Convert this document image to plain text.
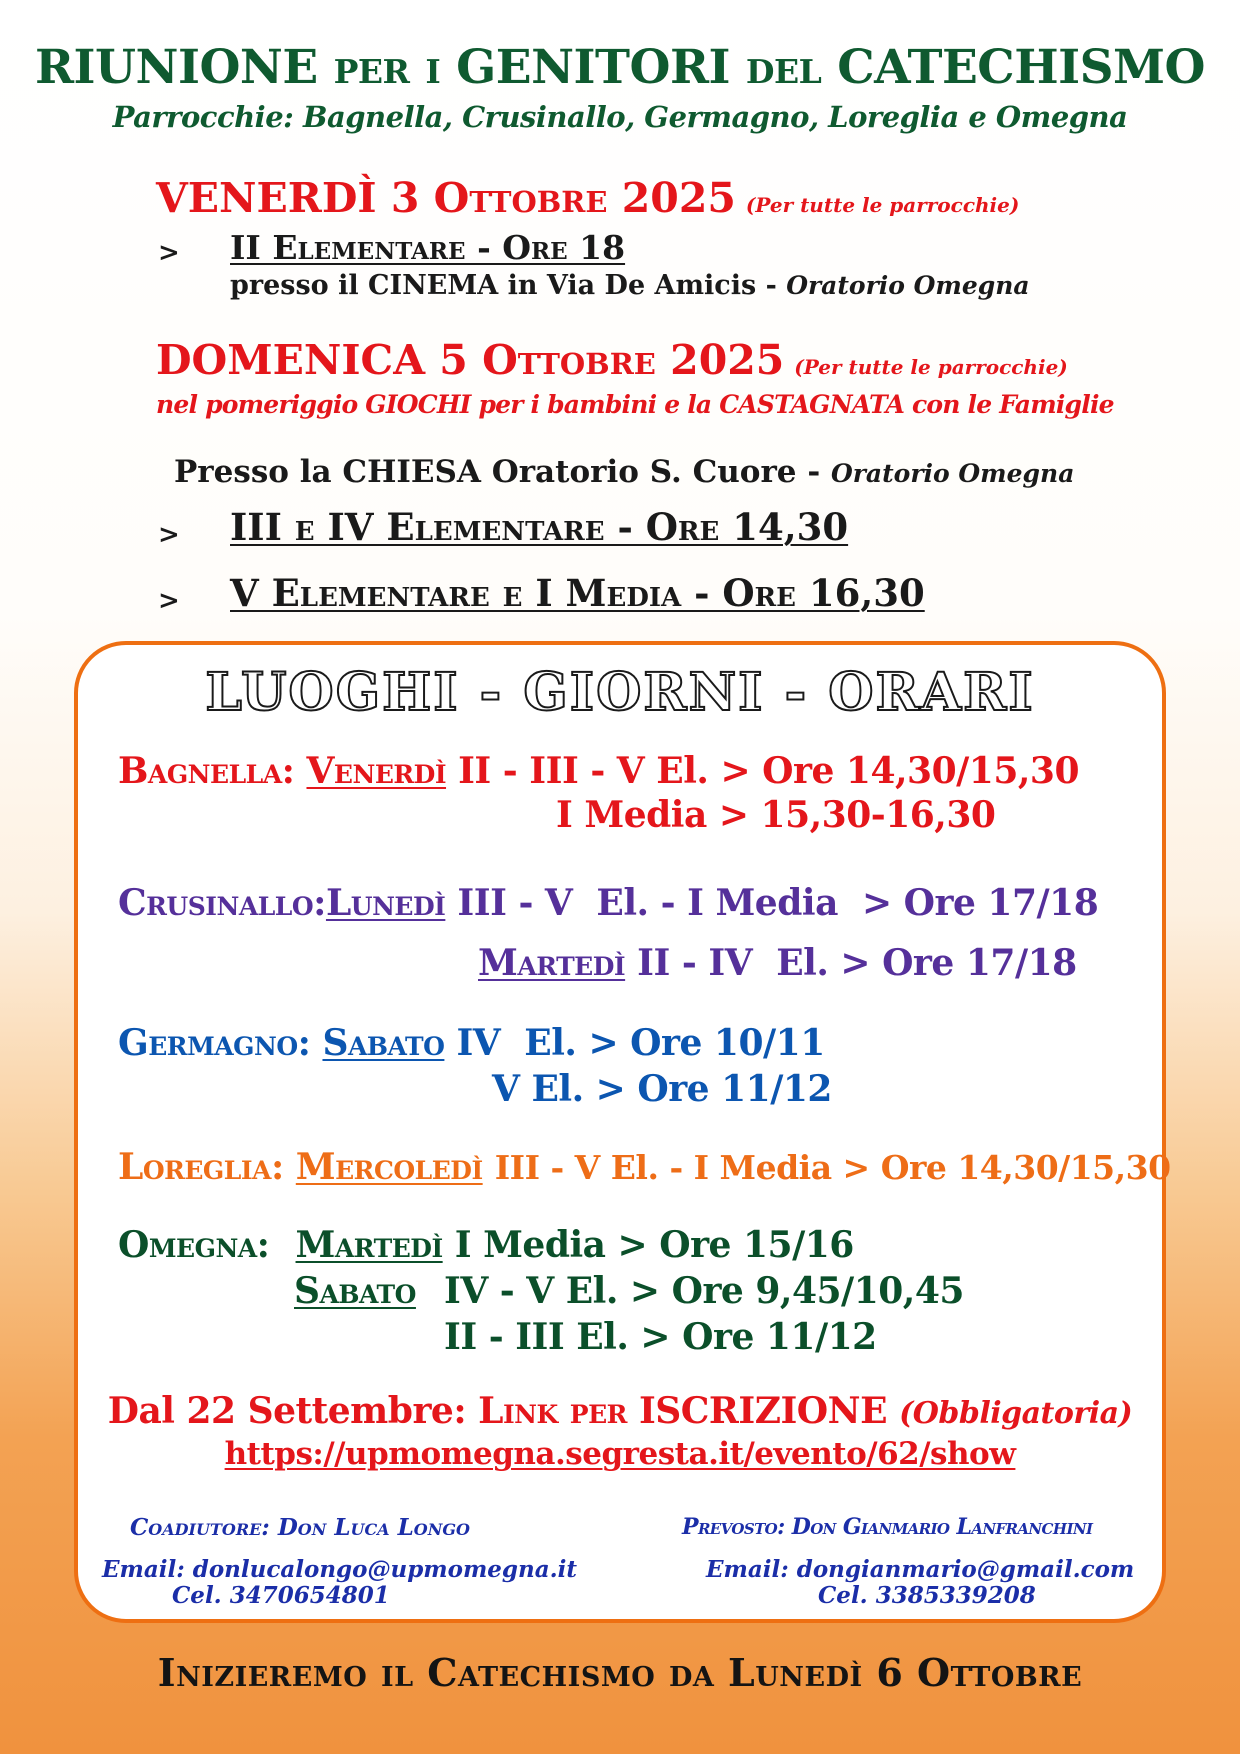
RIUNIONE per i GENITORI del CATECHISMO
Parrocchie: Bagnella, Crusinallo, Germagno, Loreglia e Omegna
VENERDÌ 3 Ottobre 2025 (Per tutte le parrocchie)
> II Elementare - Ore 18
presso il CINEMA in Via De Amicis - Oratorio Omegna
DOMENICA 5 Ottobre 2025 (Per tutte le parrocchie)
nel pomeriggio GIOCHI per i bambini e la CASTAGNATA con le Famiglie
Presso la CHIESA Oratorio S. Cuore - Oratorio Omegna
> III e IV Elementare - Ore 14,30
> V Elementare e I Media - Ore 16,30
LUOGHI - GIORNI - ORARI
Bagnella: Venerdì II - III - V El. > Ore 14,30/15,30
I Media > 15,30-16,30
Crusinallo:Lunedì III - V  El. - I Media  > Ore 17/18
Martedì II - IV  El. > Ore 17/18
Germagno: Sabato IV  El. > Ore 10/11
V El. > Ore 11/12
Loreglia: Mercoledì III - V El. - I Media > Ore 14,30/15,30
Omegna: Martedì I Media > Ore 15/16
Sabato IV - V El. > Ore 9,45/10,45
II - III El. > Ore 11/12
Dal 22 Settembre: Link per ISCRIZIONE (Obbligatoria)
https://upmomegna.segresta.it/evento/62/show
Coadiutore: Don Luca Longo
Email: donlucalongo@upmomegna.it
Cel. 3470654801
Prevosto: Don Gianmario Lanfranchini
Email: dongianmario@gmail.com
Cel. 3385339208
Inizieremo il Catechismo da Lunedì 6 Ottobre
